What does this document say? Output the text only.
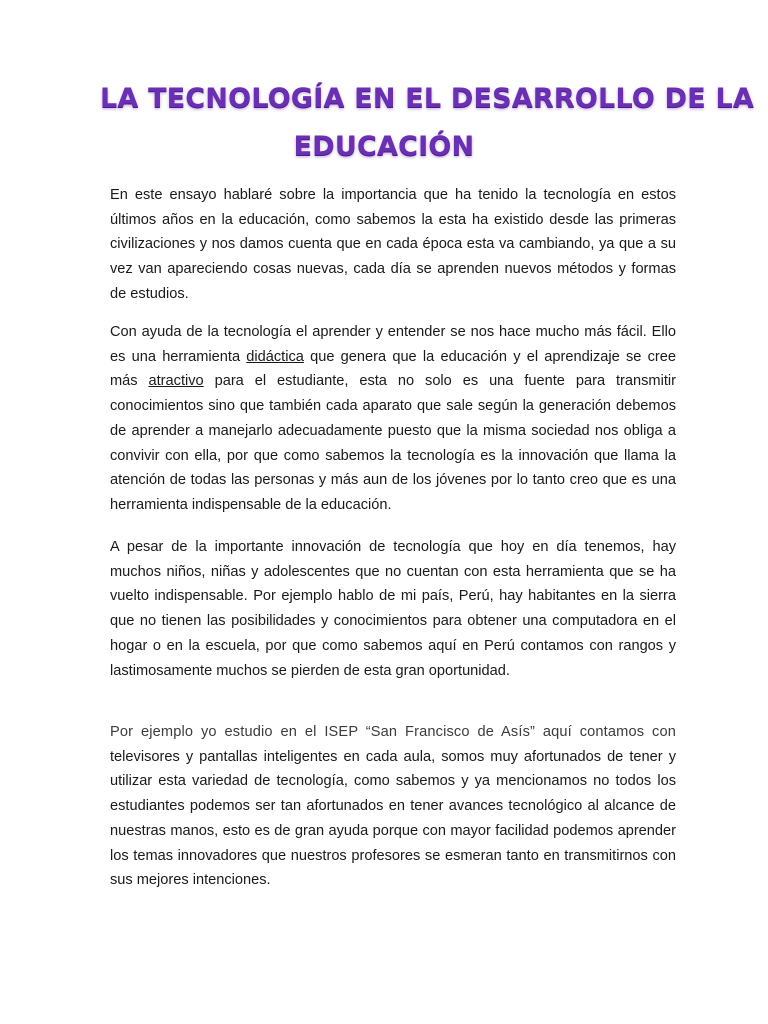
LA TECNOLOGÍA EN EL DESARROLLO DE LA
EDUCACIÓN

En este ensayo hablaré sobre la importancia que ha tenido la tecnología en estos últimos años en la educación, como sabemos la esta ha existido desde las primeras civilizaciones y nos damos cuenta que en cada época esta va cambiando, ya que a su vez van apareciendo cosas nuevas, cada día se aprenden nuevos métodos y formas de estudios.

Con ayuda de la tecnología el aprender y entender se nos hace mucho más fácil. Ello es una herramienta didáctica que genera que la educación y el aprendizaje se cree más atractivo para el estudiante, esta no solo es una fuente para transmitir conocimientos sino que también cada aparato que sale según la generación debemos de aprender a manejarlo adecuadamente puesto que la misma sociedad nos obliga a convivir con ella, por que como sabemos la tecnología es la innovación que llama la atención de todas las personas y más aun de los jóvenes por lo tanto creo que es una herramienta indispensable de la educación.

A pesar de la importante innovación de tecnología que hoy en día tenemos, hay muchos niños, niñas y adolescentes que no cuentan con esta herramienta que se ha vuelto indispensable. Por ejemplo hablo de mi país, Perú, hay habitantes en la sierra que no tienen las posibilidades y conocimientos para obtener una computadora en el hogar o en la escuela, por que como sabemos aquí en Perú contamos con rangos y lastimosamente muchos se pierden de esta gran oportunidad.

Por ejemplo yo estudio en el ISEP “San Francisco de Asís” aquí contamos con televisores y pantallas inteligentes en cada aula, somos muy afortunados de tener y utilizar esta variedad de tecnología, como sabemos y ya mencionamos no todos los estudiantes podemos ser tan afortunados en tener avances tecnológico al alcance de nuestras manos, esto es de gran ayuda porque con mayor facilidad podemos aprender los temas innovadores que nuestros profesores se esmeran tanto en transmitirnos con sus mejores intenciones.
